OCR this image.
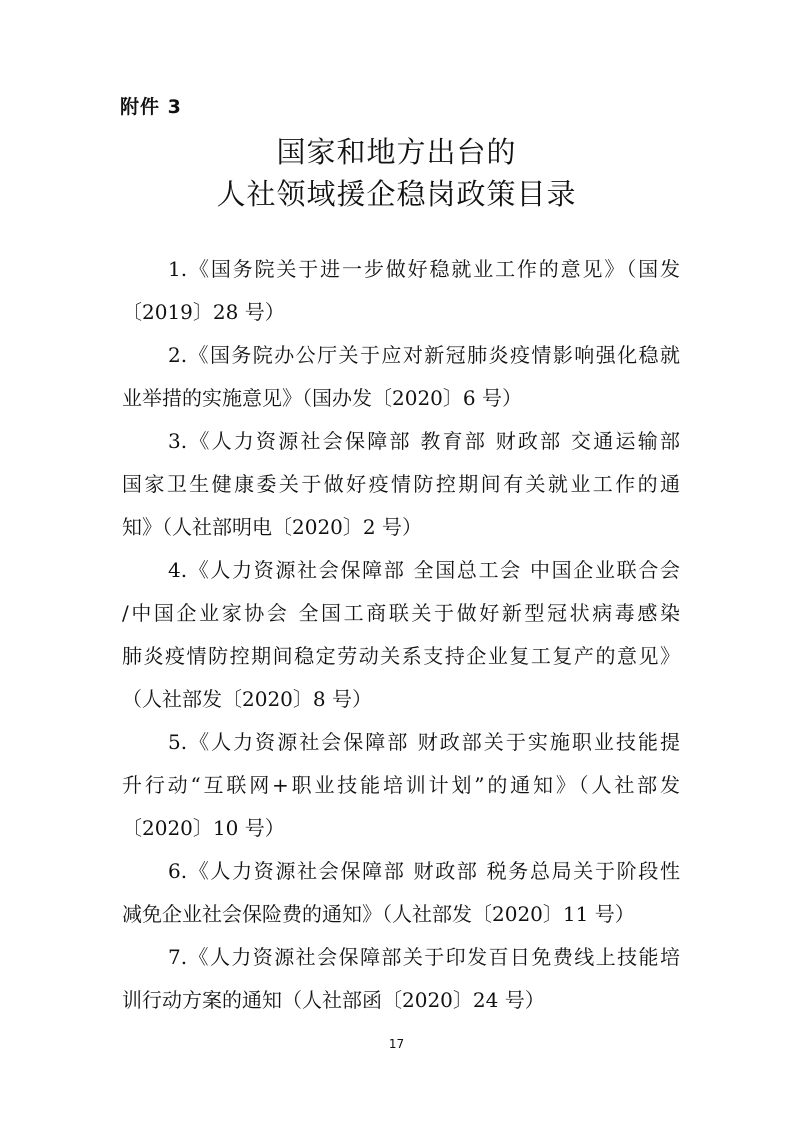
附件 3
国家和地方出台的
人社领域援企稳岗政策目录
1.《国务院关于进一步做好稳就业工作的意见》（国发
〔2019〕28 号）
2.《国务院办公厅关于应对新冠肺炎疫情影响强化稳就
业举措的实施意见》（国办发〔2020〕6 号）
3.《人力资源社会保障部 教育部 财政部 交通运输部
国家卫生健康委关于做好疫情防控期间有关就业工作的通
知》（人社部明电〔2020〕2 号）
4.《人力资源社会保障部 全国总工会 中国企业联合会
/中国企业家协会 全国工商联关于做好新型冠状病毒感染
肺炎疫情防控期间稳定劳动关系支持企业复工复产的意见》
（人社部发〔2020〕8 号）
5.《人力资源社会保障部 财政部关于实施职业技能提
升行动“互联网+职业技能培训计划”的通知》（人社部发
〔2020〕10 号）
6.《人力资源社会保障部 财政部 税务总局关于阶段性
减免企业社会保险费的通知》（人社部发〔2020〕11 号）
7.《人力资源社会保障部关于印发百日免费线上技能培
训行动方案的通知（人社部函〔2020〕24 号）
17
